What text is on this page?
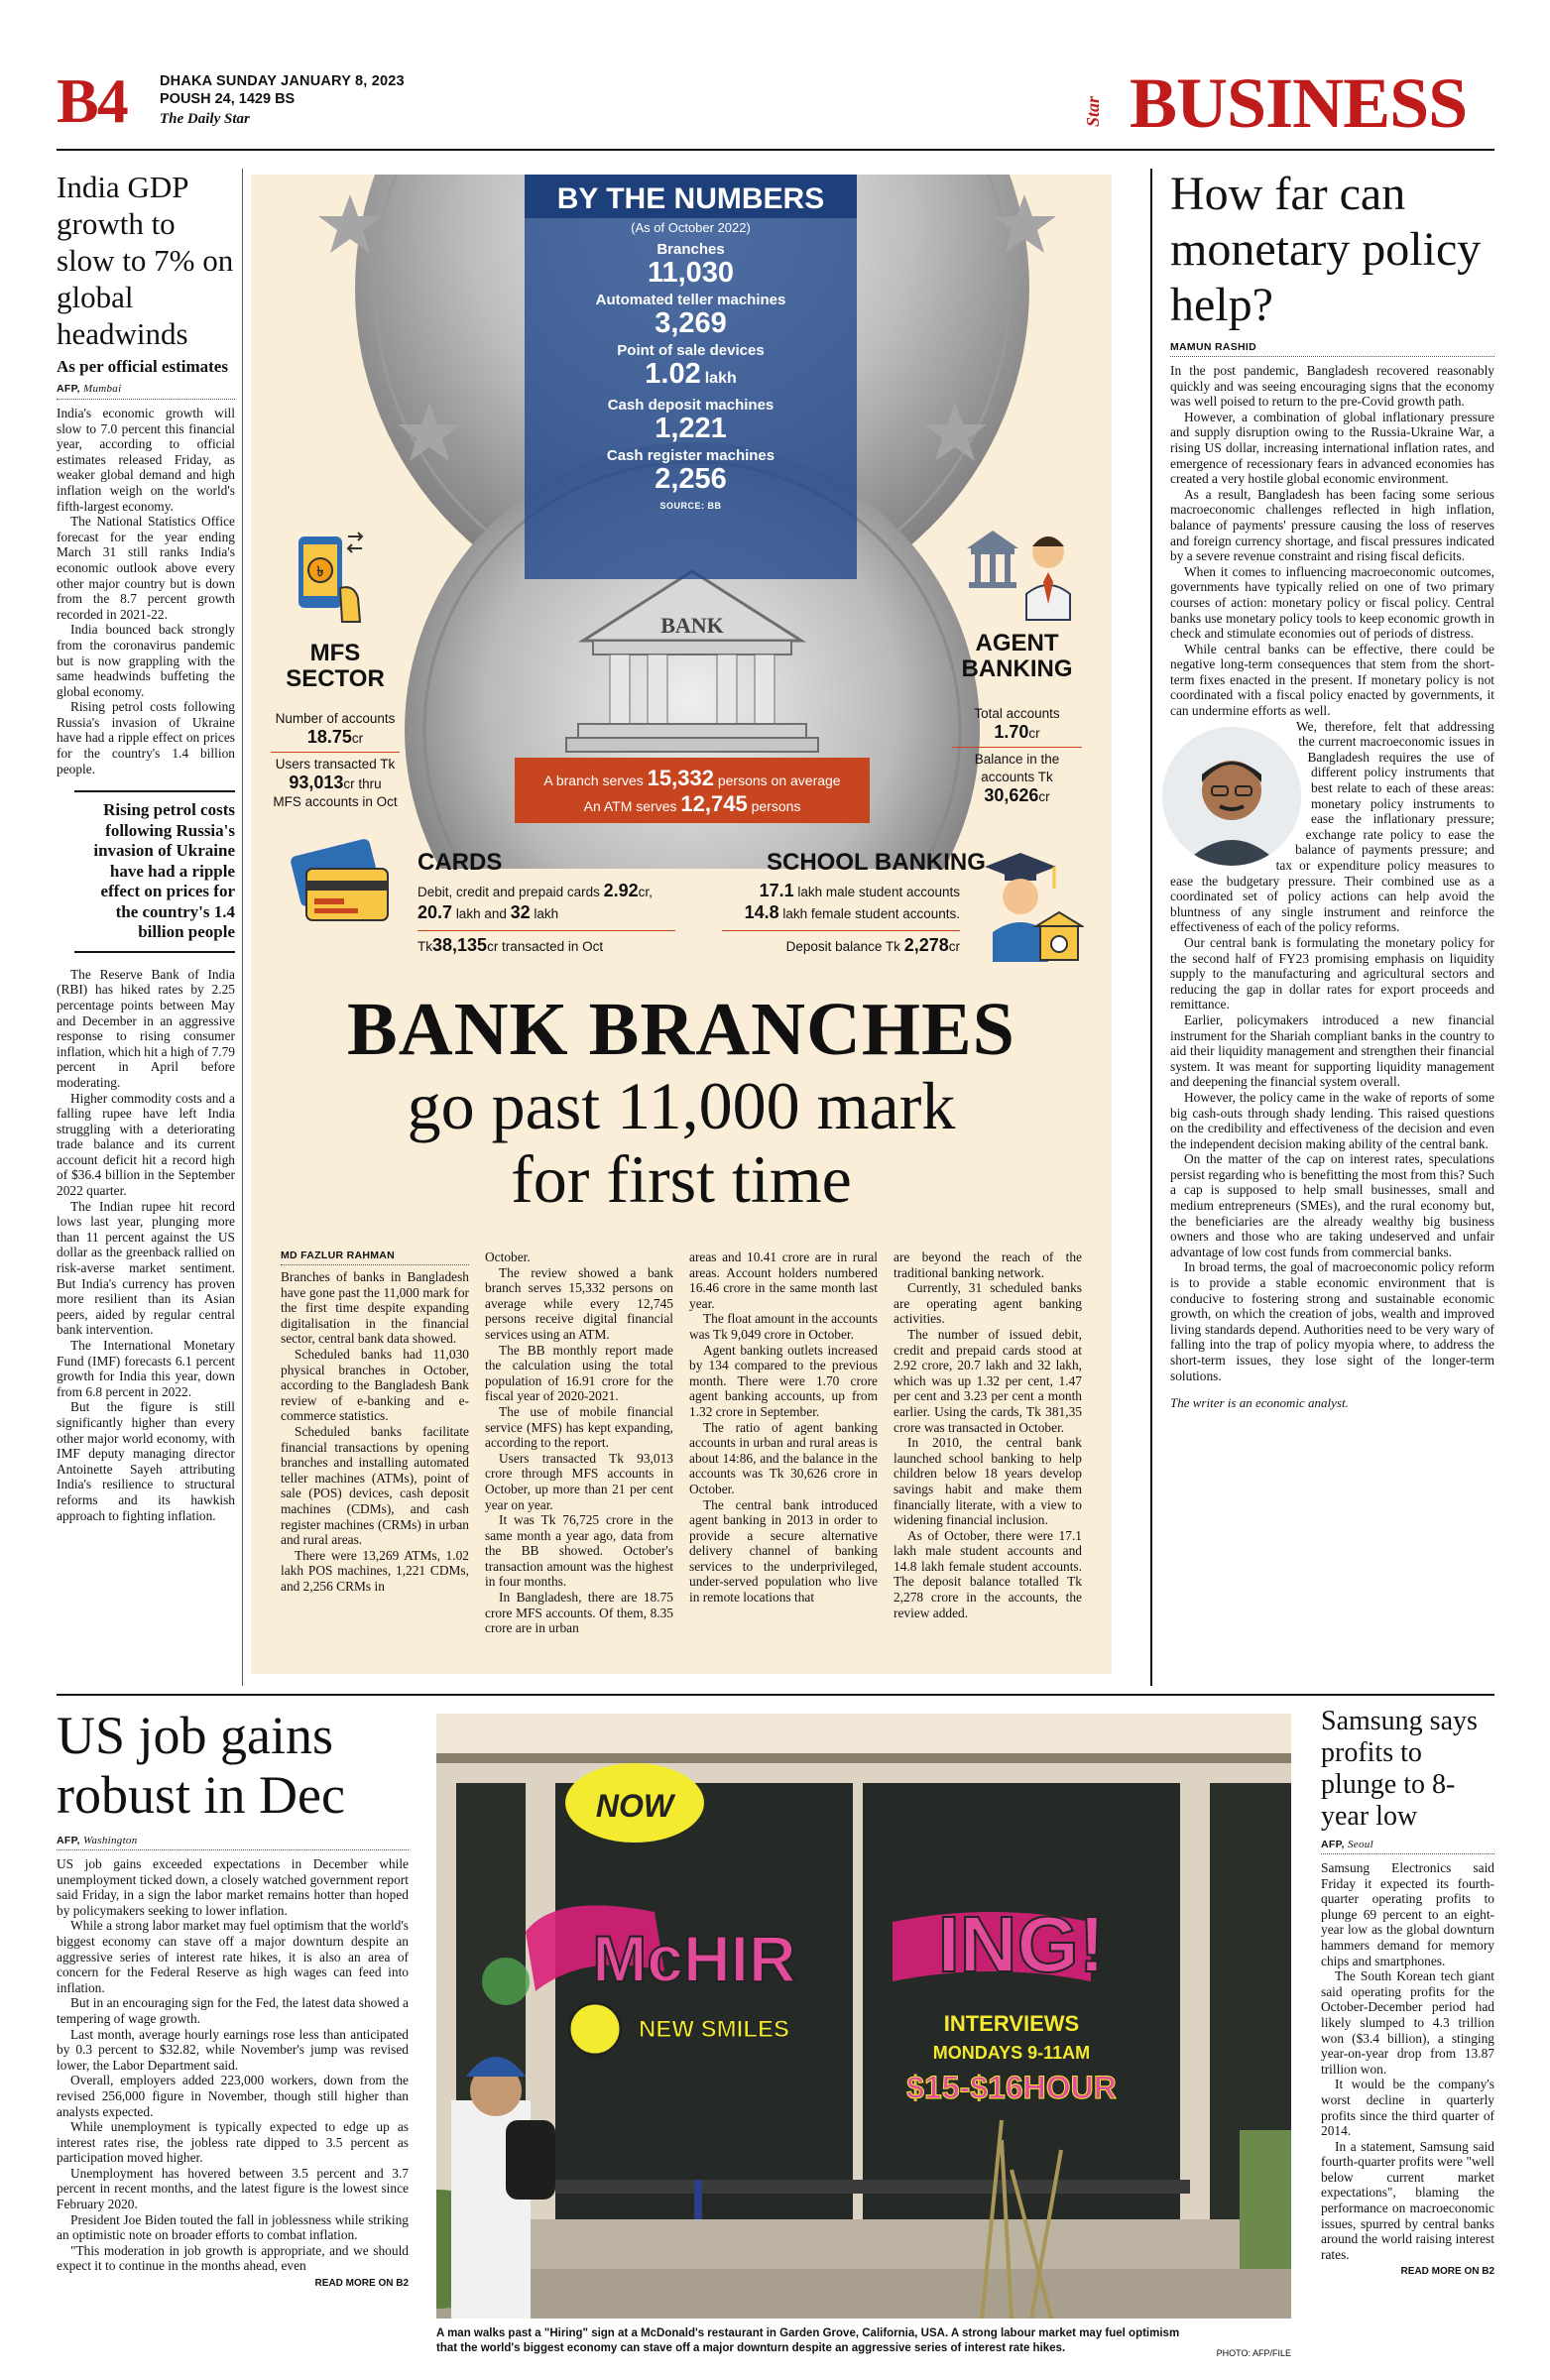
B4 DHAKA SUNDAY JANUARY 8, 2023
POUSH 24, 1429 BS
The Daily Star	Star BUSINESS
India GDP growth to slow to 7% on global headwinds
As per official estimates
AFP, Mumbai

India's economic growth will slow to 7.0 percent this financial year, according to official estimates released Friday, as weaker global demand and high inflation weigh on the world's fifth-largest economy.

The National Statistics Office forecast for the year ending March 31 still ranks India's economic outlook above every other major country but is down from the 8.7 percent growth recorded in 2021-22.

India bounced back strongly from the coronavirus pandemic but is now grappling with the same headwinds buffeting the global economy.

Rising petrol costs following Russia's invasion of Ukraine have had a ripple effect on prices for the country's 1.4 billion people.

Rising petrol costs following Russia's invasion of Ukraine have had a ripple effect on prices for the country's 1.4 billion people

The Reserve Bank of India (RBI) has hiked rates by 2.25 percentage points between May and December in an aggressive response to rising consumer inflation, which hit a high of 7.79 percent in April before moderating.

Higher commodity costs and a falling rupee have left India struggling with a deteriorating trade balance and its current account deficit hit a record high of $36.4 billion in the September 2022 quarter.

The Indian rupee hit record lows last year, plunging more than 11 percent against the US dollar as the greenback rallied on risk-averse market sentiment. But India's currency has proven more resilient than its Asian peers, aided by regular central bank intervention.

The International Monetary Fund (IMF) forecasts 6.1 percent growth for India this year, down from 6.8 percent in 2022.

But the figure is still significantly higher than every other major world economy, with IMF deputy managing director Antoinette Sayeh attributing India's resilience to structural reforms and its hawkish approach to fighting inflation.

BANK
BY THE NUMBERS
(As of October 2022)
Branches
11,030
Automated teller machines
3,269
Point of sale devices
1.02 lakh
Cash deposit machines
1,221
Cash register machines
2,256
SOURCE: BB
A branch serves 15,332 persons on average
An ATM serves 12,745 persons
৳
MFS
SECTOR
Number of accounts
18.75cr
Users transacted Tk
93,013cr thru
MFS accounts in Oct
AGENT
BANKING
Total accounts
1.70cr
Balance in the
accounts Tk
30,626cr
CARDS
Debit, credit and prepaid cards 2.92cr,
20.7 lakh and 32 lakh
Tk38,135cr transacted in Oct
SCHOOL BANKING
17.1 lakh male student accounts
14.8 lakh female student accounts.
Deposit balance Tk 2,278cr
BANK BRANCHES
go past 11,000 mark
for first time
MD FAZLUR RAHMAN

Branches of banks in Bangladesh have gone past the 11,000 mark for the first time despite expanding digitalisation in the financial sector, central bank data showed.

Scheduled banks had 11,030 physical branches in October, according to the Bangladesh Bank review of e-banking and e-commerce statistics.

Scheduled banks facilitate financial transactions by opening branches and installing automated teller machines (ATMs), point of sale (POS) devices, cash deposit machines (CDMs), and cash register machines (CRMs) in urban and rural areas.

There were 13,269 ATMs, 1.02 lakh POS machines, 1,221 CDMs, and 2,256 CRMs in

October.

The review showed a bank branch serves 15,332 persons on average while every 12,745 persons receive digital financial services using an ATM.

The BB monthly report made the calculation using the total population of 16.91 crore for the fiscal year of 2020-2021.

The use of mobile financial service (MFS) has kept expanding, according to the report.

Users transacted Tk 93,013 crore through MFS accounts in October, up more than 21 per cent year on year.

It was Tk 76,725 crore in the same month a year ago, data from the BB showed. October's transaction amount was the highest in four months.

In Bangladesh, there are 18.75 crore MFS accounts. Of them, 8.35 crore are in urban

areas and 10.41 crore are in rural areas. Account holders numbered 16.46 crore in the same month last year.

The float amount in the accounts was Tk 9,049 crore in October.

Agent banking outlets increased by 134 compared to the previous month. There were 1.70 crore agent banking accounts, up from 1.32 crore in September.

The ratio of agent banking accounts in urban and rural areas is about 14:86, and the balance in the accounts was Tk 30,626 crore in October.

The central bank introduced agent banking in 2013 in order to provide a secure alternative delivery channel of banking services to the underprivileged, under-served population who live in remote locations that

are beyond the reach of the traditional banking network.

Currently, 31 scheduled banks are operating agent banking activities.

The number of issued debit, credit and prepaid cards stood at 2.92 crore, 20.7 lakh and 32 lakh, which was up 1.32 per cent, 1.47 per cent and 3.23 per cent a month earlier. Using the cards, Tk 381,35 crore was transacted in October.

In 2010, the central bank launched school banking to help children below 18 years develop savings habit and make them financially literate, with a view to widening financial inclusion.

As of October, there were 17.1 lakh male student accounts and 14.8 lakh female student accounts. The deposit balance totalled Tk 2,278 crore in the accounts, the review added.

How far can monetary policy help?
MAMUN RASHID

In the post pandemic, Bangladesh recovered reasonably quickly and was seeing encouraging signs that the economy was well poised to return to the pre-Covid growth path.

However, a combination of global inflationary pressure and supply disruption owing to the Russia-Ukraine War, a rising US dollar, increasing international inflation rates, and emergence of recessionary fears in advanced economies has created a very hostile global economic environment.

As a result, Bangladesh has been facing some serious macroeconomic challenges reflected in high inflation, balance of payments' pressure causing the loss of reserves and foreign currency shortage, and fiscal pressures indicated by a severe revenue constraint and rising fiscal deficits.

When it comes to influencing macroeconomic outcomes, governments have typically relied on one of two primary courses of action: monetary policy or fiscal policy. Central banks use monetary policy tools to keep economic growth in check and stimulate economies out of periods of distress.

While central banks can be effective, there could be negative long-term consequences that stem from the short-term fixes enacted in the present. If monetary policy is not coordinated with a fiscal policy enacted by governments, it can undermine efforts as well.

We, therefore, felt that addressing the current macroeconomic issues in Bangladesh requires the use of different policy instruments that best relate to each of these areas: monetary policy instruments to ease the inflationary pressure; exchange rate policy to ease the balance of payments pressure; and tax or expenditure policy measures to ease the budgetary pressure. Their combined use as a coordinated set of policy actions can help avoid the bluntness of any single instrument and reinforce the effectiveness of each of the policy reforms.

Our central bank is formulating the monetary policy for the second half of FY23 promising emphasis on liquidity supply to the manufacturing and agricultural sectors and reducing the gap in dollar rates for export proceeds and remittance.

Earlier, policymakers introduced a new financial instrument for the Shariah compliant banks in the country to aid their liquidity management and strengthen their financial system. It was meant for supporting liquidity management and deepening the financial system overall.

However, the policy came in the wake of reports of some big cash-outs through shady lending. This raised questions on the credibility and effectiveness of the decision and even the independent decision making ability of the central bank.

On the matter of the cap on interest rates, speculations persist regarding who is benefitting the most from this? Such a cap is supposed to help small businesses, small and medium entrepreneurs (SMEs), and the rural economy but, the beneficiaries are the already wealthy big business owners and those who are taking undeserved and unfair advantage of low cost funds from commercial banks.

In broad terms, the goal of macroeconomic policy reform is to provide a stable economic environment that is conducive to fostering strong and sustainable economic growth, on which the creation of jobs, wealth and improved living standards depend. Authorities need to be very wary of falling into the trap of policy myopia where, to address the short-term issues, they lose sight of the longer-term solutions.

The writer is an economic analyst.
US job gains robust in Dec
AFP, Washington

US job gains exceeded expectations in December while unemployment ticked down, a closely watched government report said Friday, in a sign the labor market remains hotter than hoped by policymakers seeking to lower inflation.

While a strong labor market may fuel optimism that the world's biggest economy can stave off a major downturn despite an aggressive series of interest rate hikes, it is also an area of concern for the Federal Reserve as high wages can feed into inflation.

But in an encouraging sign for the Fed, the latest data showed a tempering of wage growth.

Last month, average hourly earnings rose less than anticipated by 0.3 percent to $32.82, while November's jump was revised lower, the Labor Department said.

Overall, employers added 223,000 workers, down from the revised 256,000 figure in November, though still higher than analysts expected.

While unemployment is typically expected to edge up as interest rates rise, the jobless rate dipped to 3.5 percent as participation moved higher.

Unemployment has hovered between 3.5 percent and 3.7 percent in recent months, and the latest figure is the lowest since February 2020.

President Joe Biden touted the fall in joblessness while striking an optimistic note on broader efforts to combat inflation.

"This moderation in job growth is appropriate, and we should expect it to continue in the months ahead, even

READ MORE ON B2
NOW
McHIR ING!
NEW SMILES	INTERVIEWS
MONDAYS 9-11AM
$15-$16HOUR
A man walks past a "Hiring" sign at a McDonald's restaurant in Garden Grove, California, USA. A strong labour market may fuel optimism that the world's biggest economy can stave off a major downturn despite an aggressive series of interest rate hikes.	PHOTO: AFP/FILE
Samsung says profits to plunge to 8-year low
AFP, Seoul

Samsung Electronics said Friday it expected its fourth-quarter operating profits to plunge 69 percent to an eight-year low as the global downturn hammers demand for memory chips and smartphones.

The South Korean tech giant said operating profits for the October-December period had likely slumped to 4.3 trillion won ($3.4 billion), a stinging year-on-year drop from 13.87 trillion won.

It would be the company's worst decline in quarterly profits since the third quarter of 2014.

In a statement, Samsung said fourth-quarter profits were "well below current market expectations", blaming the performance on macroeconomic issues, spurred by central banks around the world raising interest rates.

READ MORE ON B2
